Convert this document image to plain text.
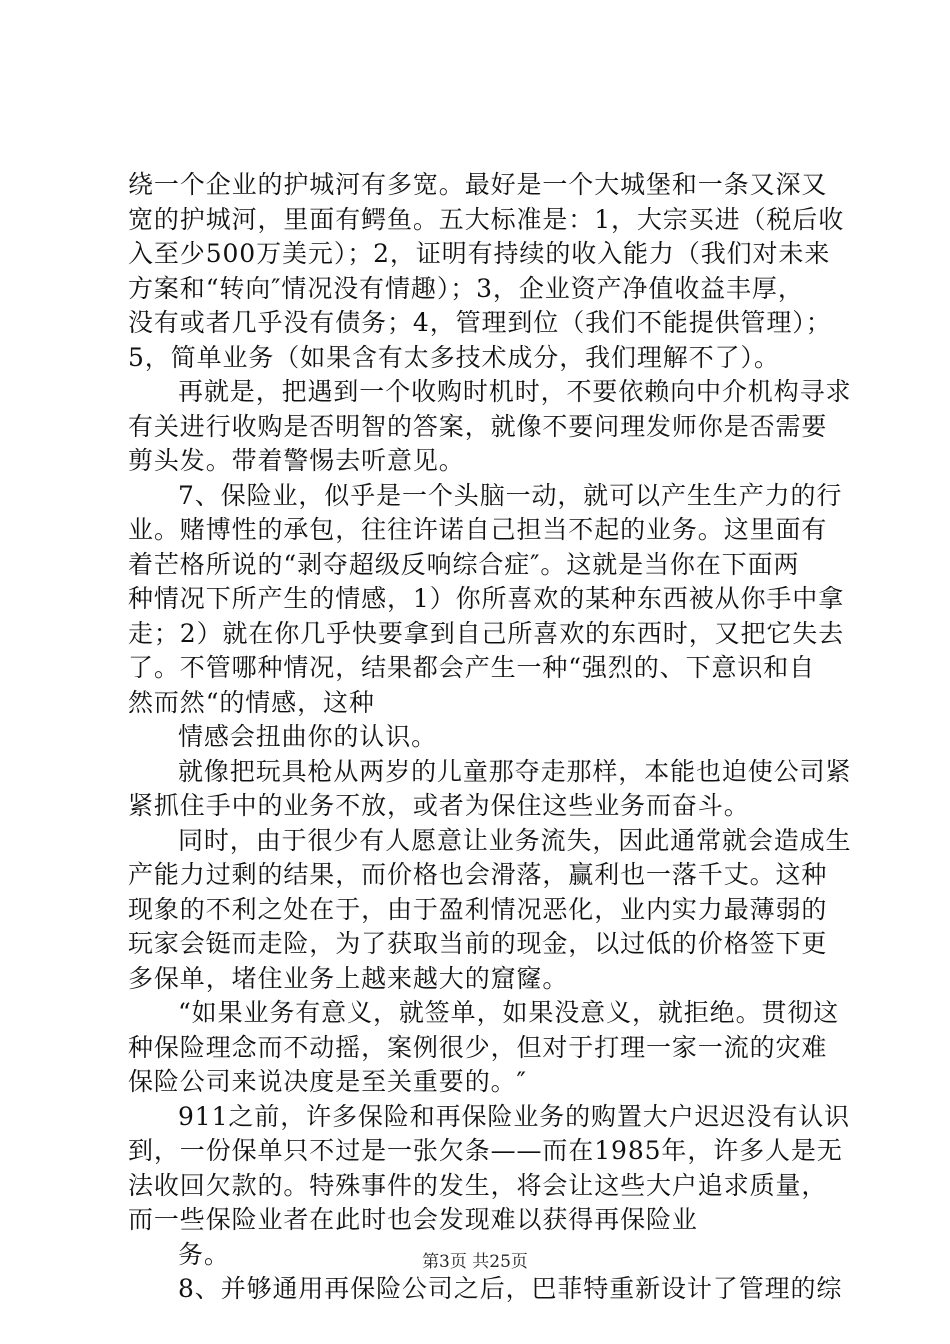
绕一个企业的护城河有多宽。最好是一个大城堡和一条又深又
宽的护城河，里面有鳄鱼。五大标准是：1，大宗买进（税后收
入至少500万美元）；2，证明有持续的收入能力（我们对未来
方案和“转向″情况没有情趣）；3，企业资产净值收益丰厚，
没有或者几乎没有债务；4，管理到位（我们不能提供管理）；
5，简单业务（如果含有太多技术成分，我们理解不了）。
再就是，把遇到一个收购时机时，不要依赖向中介机构寻求
有关进行收购是否明智的答案，就像不要问理发师你是否需要
剪头发。带着警惕去听意见。
7、保险业，似乎是一个头脑一动，就可以产生生产力的行
业。赌博性的承包，往往许诺自己担当不起的业务。这里面有
着芒格所说的“剥夺超级反响综合症″。这就是当你在下面两
种情况下所产生的情感，1）你所喜欢的某种东西被从你手中拿
走；2）就在你几乎快要拿到自己所喜欢的东西时，又把它失去
了。不管哪种情况，结果都会产生一种“强烈的、下意识和自
然而然“的情感，这种
情感会扭曲你的认识。
就像把玩具枪从两岁的儿童那夺走那样，本能也迫使公司紧
紧抓住手中的业务不放，或者为保住这些业务而奋斗。
同时，由于很少有人愿意让业务流失，因此通常就会造成生
产能力过剩的结果，而价格也会滑落，赢利也一落千丈。这种
现象的不利之处在于，由于盈利情况恶化，业内实力最薄弱的
玩家会铤而走险，为了获取当前的现金，以过低的价格签下更
多保单，堵住业务上越来越大的窟窿。
“如果业务有意义，就签单，如果没意义，就拒绝。贯彻这
种保险理念而不动摇，案例很少，但对于打理一家一流的灾难
保险公司来说决度是至关重要的。″
911之前，许多保险和再保险业务的购置大户迟迟没有认识
到，一份保单只不过是一张欠条——而在1985年，许多人是无
法收回欠款的。特殊事件的发生，将会让这些大户追求质量，
而一些保险业者在此时也会发现难以获得再保险业
务。
8、并够通用再保险公司之后，巴菲特重新设计了管理的综
第3页 共25页
